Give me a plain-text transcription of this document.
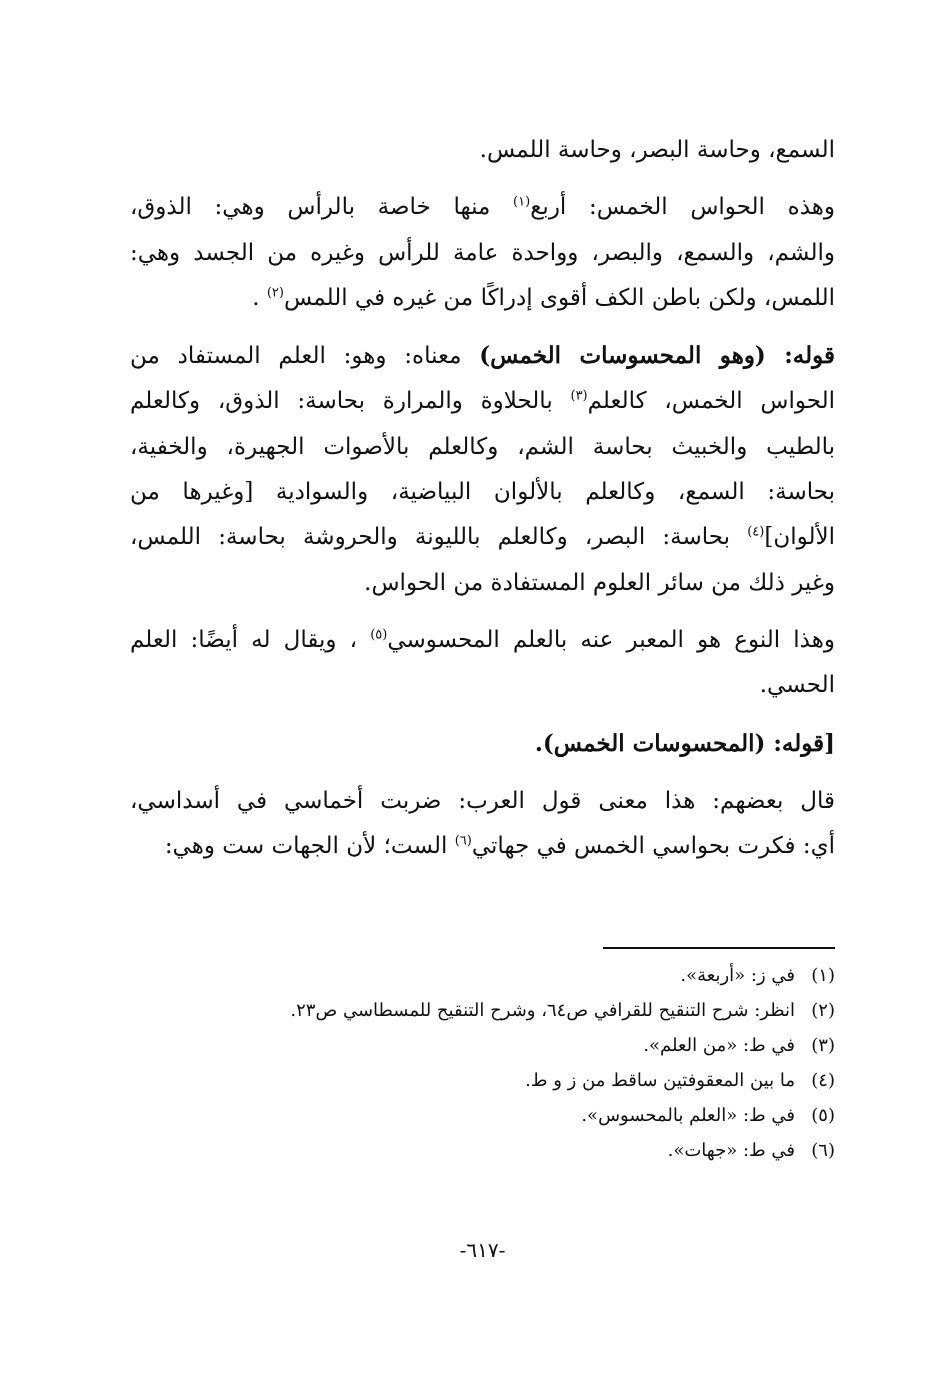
السمع، وحاسة البصر، وحاسة اللمس.
وهذه الحواس الخمس: أربع$^{(١)}$ منها خاصة بالرأس وهي: الذوق،
والشم، والسمع، والبصر، وواحدة عامة للرأس وغيره من الجسد وهي:
اللمس، ولكن باطن الكف أقوى إدراكًا من غيره في اللمس$^{(٢)}$ .
قوله: (وهو المحسوسات الخمس) معناه: وهو: العلم المستفاد من
الحواس الخمس، كالعلم$^{(٣)}$ بالحلاوة والمرارة بحاسة: الذوق، وكالعلم
بالطيب والخبيث بحاسة الشم، وكالعلم بالأصوات الجهيرة، والخفية،
بحاسة: السمع، وكالعلم بالألوان البياضية، والسوادية [وغيرها من
الألوان]$^{(٤)}$ بحاسة: البصر، وكالعلم بالليونة والحروشة بحاسة: اللمس،
وغير ذلك من سائر العلوم المستفادة من الحواس.
وهذا النوع هو المعبر عنه بالعلم المحسوسي$^{(٥)}$ ، ويقال له أيضًا: العلم
الحسي.
[قوله: (المحسوسات الخمس).
قال بعضهم: هذا معنى قول العرب: ضربت أخماسي في أسداسي،
أي: فكرت بحواسي الخمس في جهاتي$^{(٦)}$ الست؛ لأن الجهات ست وهي:
(١)في ز: «أربعة».
(٢)انظر: شرح التنقيح للقرافي ص٦٤، وشرح التنقيح للمسطاسي ص٢٣.
(٣)في ط: «من العلم».
(٤)ما بين المعقوفتين ساقط من ز و ط.
(٥)في ط: «العلم بالمحسوس».
(٦)في ط: «جهات».
-٦١٧-
